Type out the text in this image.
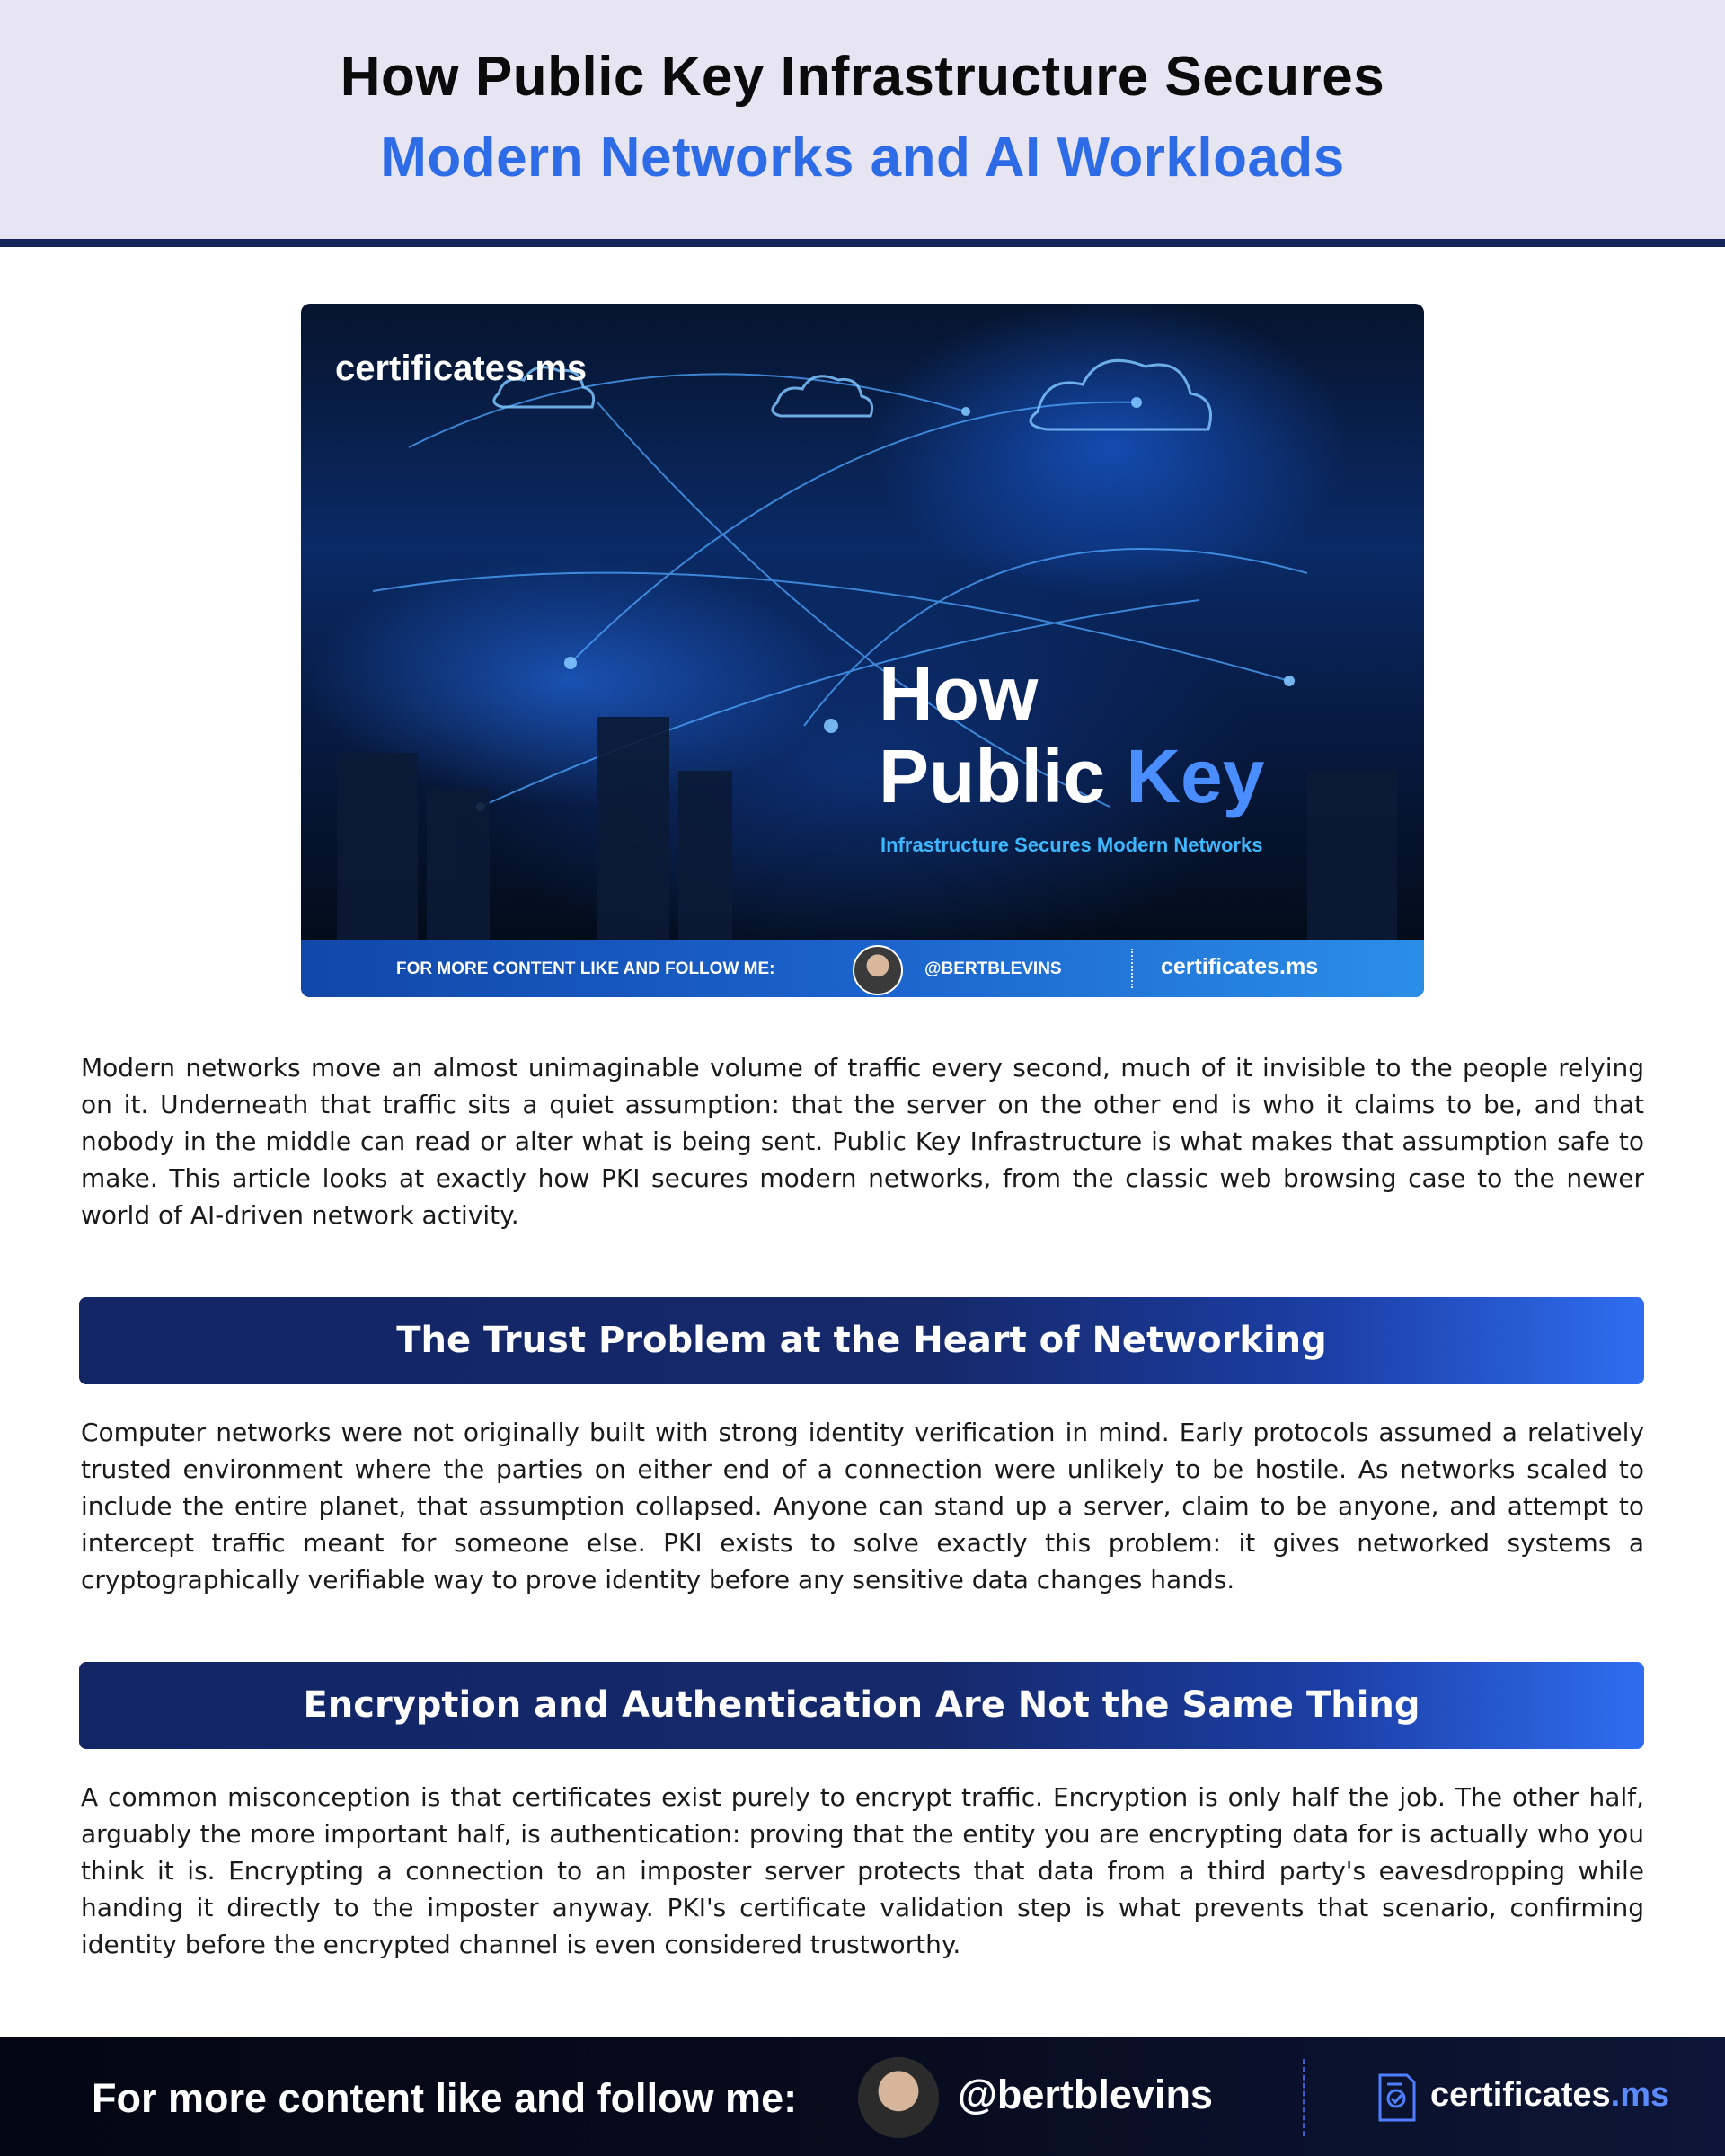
How Public Key Infrastructure Secures
Modern Networks and AI Workloads
certificates.ms
How
Public Key
Infrastructure Secures Modern Networks
FOR MORE CONTENT LIKE AND FOLLOW ME:	@BERTBLEVINS	certificates.ms

Modern networks move an almost unimaginable volume of traffic every second, much of it invisible to the people relying on it. Underneath that traffic sits a quiet assumption: that the server on the other end is who it claims to be, and that nobody in the middle can read or alter what is being sent. Public Key Infrastructure is what makes that assumption safe to make. This article looks at exactly how PKI secures modern networks, from the classic web browsing case to the newer world of AI-driven network activity.

The Trust Problem at the Heart of Networking

Computer networks were not originally built with strong identity verification in mind. Early protocols assumed a relatively trusted environment where the parties on either end of a connection were unlikely to be hostile. As networks scaled to include the entire planet, that assumption collapsed. Anyone can stand up a server, claim to be anyone, and attempt to intercept traffic meant for someone else. PKI exists to solve exactly this problem: it gives networked systems a cryptographically verifiable way to prove identity before any sensitive data changes hands.

Encryption and Authentication Are Not the Same Thing

A common misconception is that certificates exist purely to encrypt traffic. Encryption is only half the job. The other half, arguably the more important half, is authentication: proving that the entity you are encrypting data for is actually who you think it is. Encrypting a connection to an imposter server protects that data from a third party's eavesdropping while handing it directly to the imposter anyway. PKI's certificate validation step is what prevents that scenario, confirming identity before the encrypted channel is even considered trustworthy.

For more content like and follow me:	@bertblevins	certificates.ms
